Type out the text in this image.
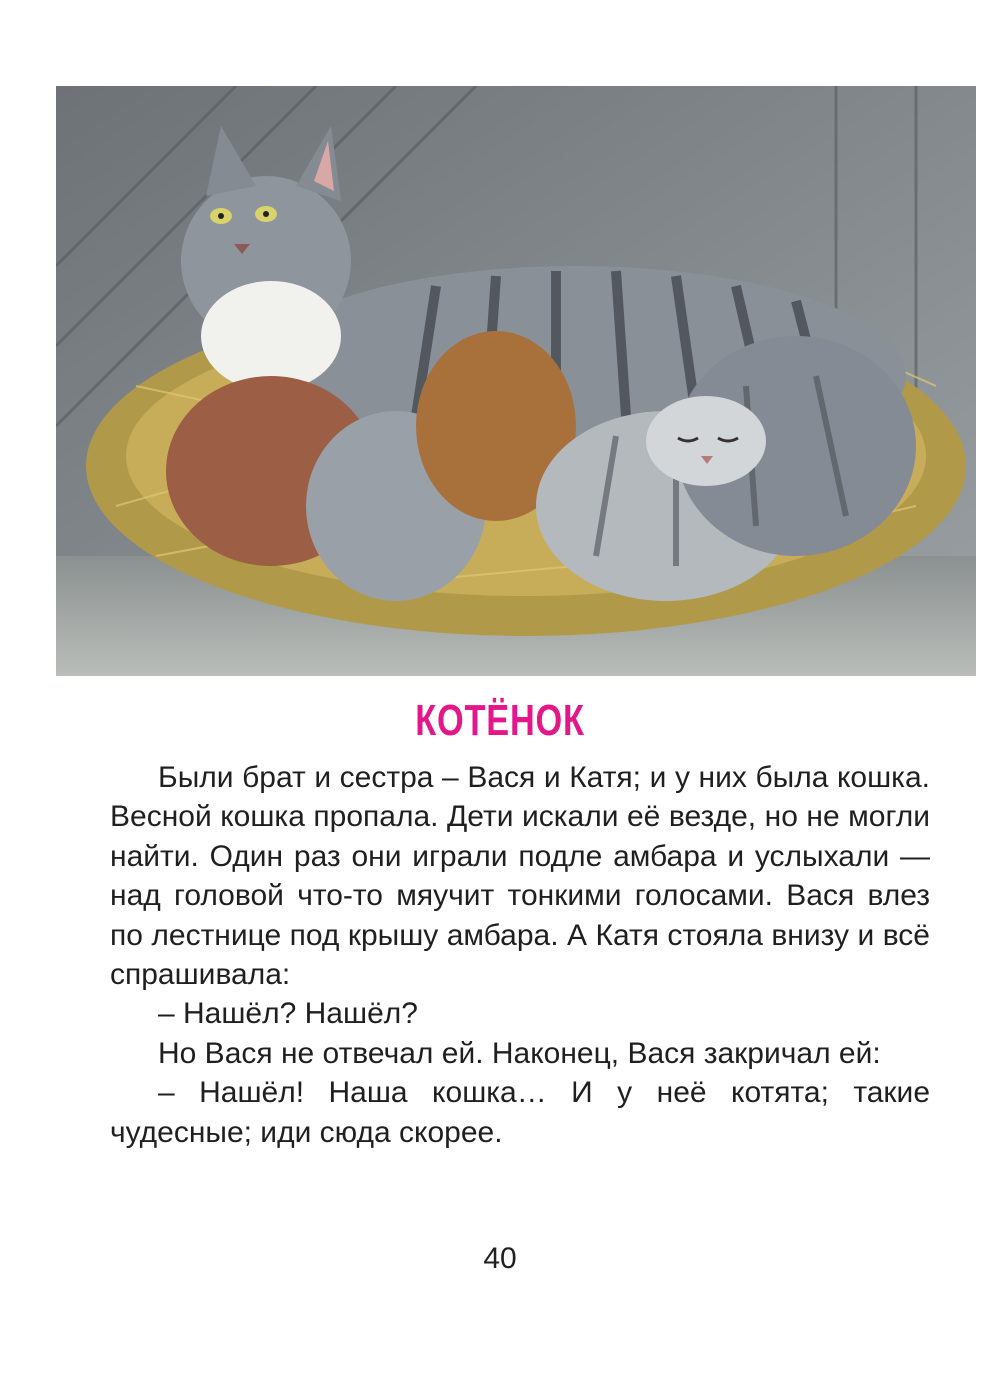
КОТЁНОК

Были брат и сестра – Вася и Катя; и у них была кошка. Весной кошка пропала. Дети искали её везде, но не могли найти. Один раз они играли подле амбара и услыхали — над головой что-то мяучит тонкими голосами. Вася влез по лестнице под крышу амбара. А Катя стояла внизу и всё спрашивала:

– Нашёл? Нашёл?

Но Вася не отвечал ей. Наконец, Вася закричал ей:

– Нашёл! Наша кошка… И у неё котята; такие чудесные; иди сюда скорее.

40
